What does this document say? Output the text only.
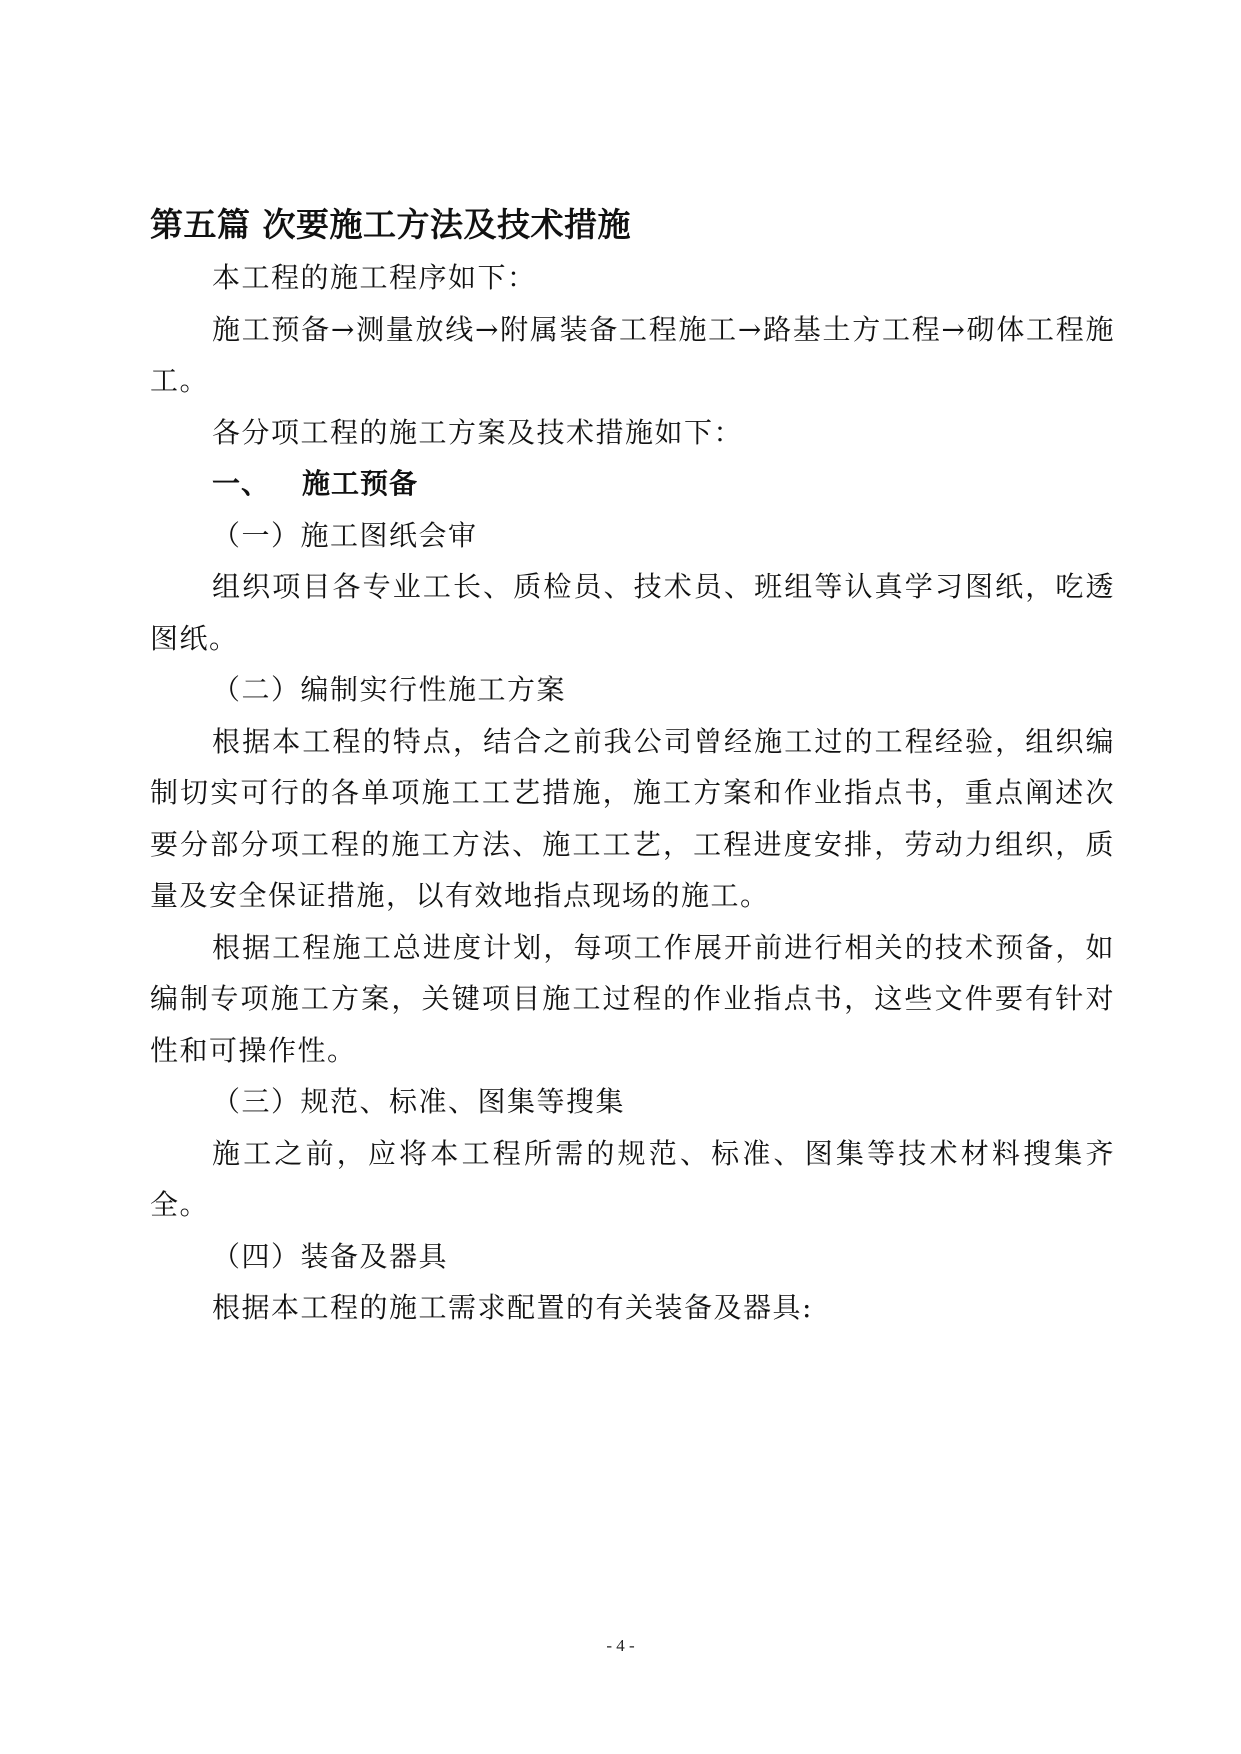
第五篇 次要施工方法及技术措施

本工程的施工程序如下：

施工预备→测量放线→附属装备工程施工→路基土方工程→砌体工程施工。

各分项工程的施工方案及技术措施如下：

一、 施工预备

（一）施工图纸会审

组织项目各专业工长、质检员、技术员、班组等认真学习图纸，吃透图纸。

（二）编制实行性施工方案

根据本工程的特点，结合之前我公司曾经施工过的工程经验，组织编制切实可行的各单项施工工艺措施，施工方案和作业指点书，重点阐述次要分部分项工程的施工方法、施工工艺，工程进度安排，劳动力组织，质量及安全保证措施，以有效地指点现场的施工。

根据工程施工总进度计划，每项工作展开前进行相关的技术预备，如编制专项施工方案，关键项目施工过程的作业指点书，这些文件要有针对性和可操作性。

（三）规范、标准、图集等搜集

施工之前，应将本工程所需的规范、标准、图集等技术材料搜集齐全。

（四）装备及器具

根据本工程的施工需求配置的有关装备及器具:

- 4 -
